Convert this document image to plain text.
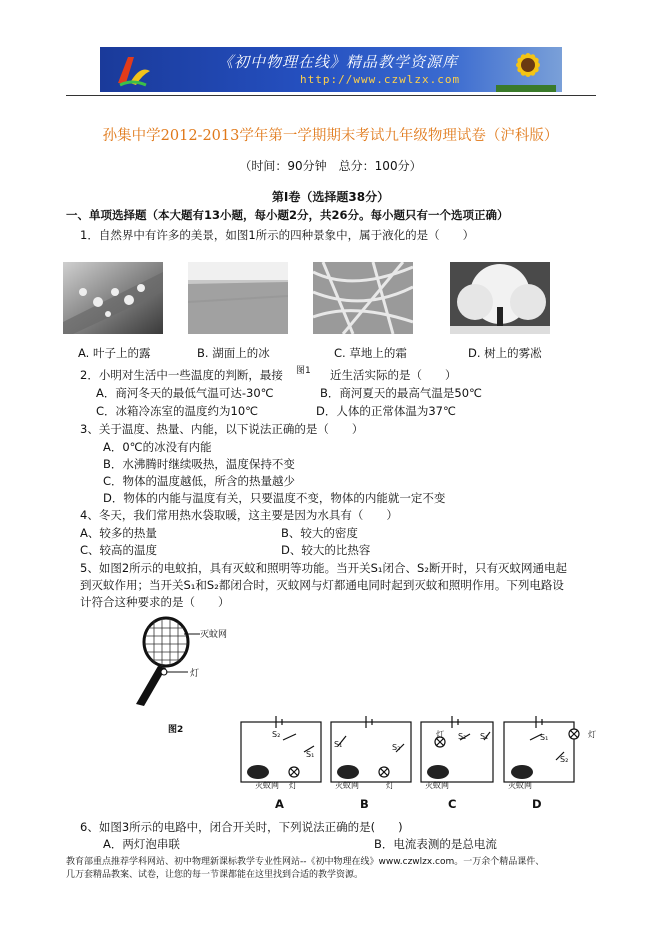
《初中物理在线》精品教学资源库
http://www.czwlzx.com
孙集中学2012-2013学年第一学期期末考试九年级物理试卷（沪科版）
（时间：90分钟　总分：100分）
第Ⅰ卷（选择题38分）
一、单项选择题（本大题有13小题，每小题2分，共26分。每小题只有一个选项正确）
1．自然界中有许多的美景，如图1所示的四种景象中，属于液化的是（　　）
A. 叶子上的露	B. 湖面上的冰	C. 草地上的霜	D. 树上的雾凇
2．小明对生活中一些温度的判断，最接 图1 近生活实际的是（　　）
A．商河冬天的最低气温可达-30℃	B．商河夏天的最高气温是50℃
C．冰箱冷冻室的温度约为10℃	D．人体的正常体温为37℃
3、关于温度、热量、内能，以下说法正确的是（　　）
A．0℃的冰没有内能
B．水沸腾时继续吸热，温度保持不变
C．物体的温度越低，所含的热量越少
D．物体的内能与温度有关，只要温度不变，物体的内能就一定不变
4、冬天，我们常用热水袋取暖，这主要是因为水具有（　　）
A、较多的热量	B、较大的密度
C、较高的温度	D、较大的比热容
5、如图2所示的电蚊拍，具有灭蚊和照明等功能。当开关S₁闭合、S₂断开时，只有灭蚊网通电起
到灭蚊作用；当开关S₁和S₂都闭合时，灭蚊网与灯都通电同时起到灭蚊和照明作用。下列电路设
计符合这种要求的是（　　）
灭蚊网
灯
图2	S₂
S₁
灭蚊网 灯
A
S₁	S₂
灭蚊网	灯
B
灯 S₂ S₁
灭蚊网
C
S₁	灯
S₂
灭蚊网
D
6、如图3所示的电路中，闭合开关时，下列说法正确的是(　　)
A．两灯泡串联	B．电流表测的是总电流
教育部重点推荐学科网站、初中物理新课标教学专业性网站--《初中物理在线》www.czwlzx.com。一万余个精品课件、
几万套精品教案、试卷，让您的每一节课都能在这里找到合适的教学资源。
